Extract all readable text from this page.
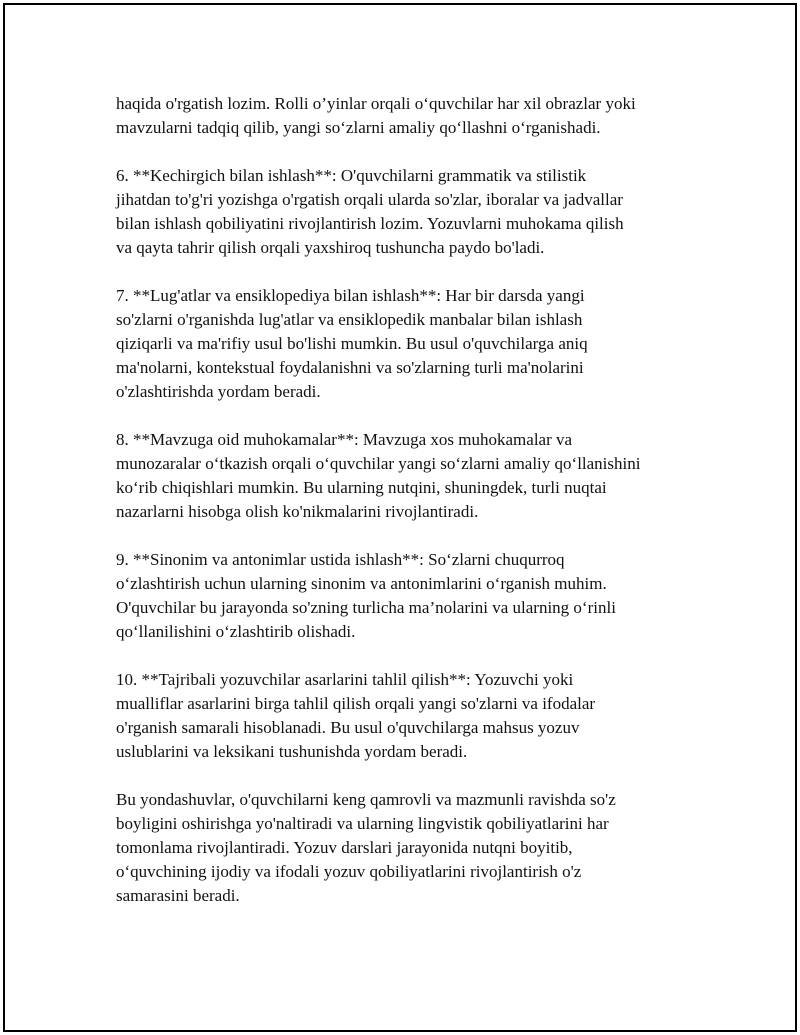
haqida o'rgatish lozim. Rolli o’yinlar orqali o‘quvchilar har xil obrazlar yoki
mavzularni tadqiq qilib, yangi so‘zlarni amaliy qo‘llashni o‘rganishadi.

6. **Kechirgich bilan ishlash**: O'quvchilarni grammatik va stilistik
jihatdan to'g'ri yozishga o'rgatish orqali ularda so'zlar, iboralar va jadvallar
bilan ishlash qobiliyatini rivojlantirish lozim. Yozuvlarni muhokama qilish
va qayta tahrir qilish orqali yaxshiroq tushuncha paydo bo'ladi.

7. **Lug'atlar va ensiklopediya bilan ishlash**: Har bir darsda yangi
so'zlarni o'rganishda lug'atlar va ensiklopedik manbalar bilan ishlash
qiziqarli va ma'rifiy usul bo'lishi mumkin. Bu usul o'quvchilarga aniq
ma'nolarni, kontekstual foydalanishni va so'zlarning turli ma'nolarini
o'zlashtirishda yordam beradi.

8. **Mavzuga oid muhokamalar**: Mavzuga xos muhokamalar va
munozaralar o‘tkazish orqali o‘quvchilar yangi so‘zlarni amaliy qo‘llanishini
ko‘rib chiqishlari mumkin. Bu ularning nutqini, shuningdek, turli nuqtai
nazarlarni hisobga olish ko'nikmalarini rivojlantiradi.

9. **Sinonim va antonimlar ustida ishlash**: So‘zlarni chuqurroq
o‘zlashtirish uchun ularning sinonim va antonimlarini o‘rganish muhim.
O'quvchilar bu jarayonda so'zning turlicha ma’nolarini va ularning o‘rinli
qo‘llanilishini o‘zlashtirib olishadi.

10. **Tajribali yozuvchilar asarlarini tahlil qilish**: Yozuvchi yoki
mualliflar asarlarini birga tahlil qilish orqali yangi so'zlarni va ifodalar
o'rganish samarali hisoblanadi. Bu usul o'quvchilarga mahsus yozuv
uslublarini va leksikani tushunishda yordam beradi.

Bu yondashuvlar, o'quvchilarni keng qamrovli va mazmunli ravishda so'z
boyligini oshirishga yo'naltiradi va ularning lingvistik qobiliyatlarini har
tomonlama rivojlantiradi. Yozuv darslari jarayonida nutqni boyitib,
o‘quvchining ijodiy va ifodali yozuv qobiliyatlarini rivojlantirish o'z
samarasini beradi.
